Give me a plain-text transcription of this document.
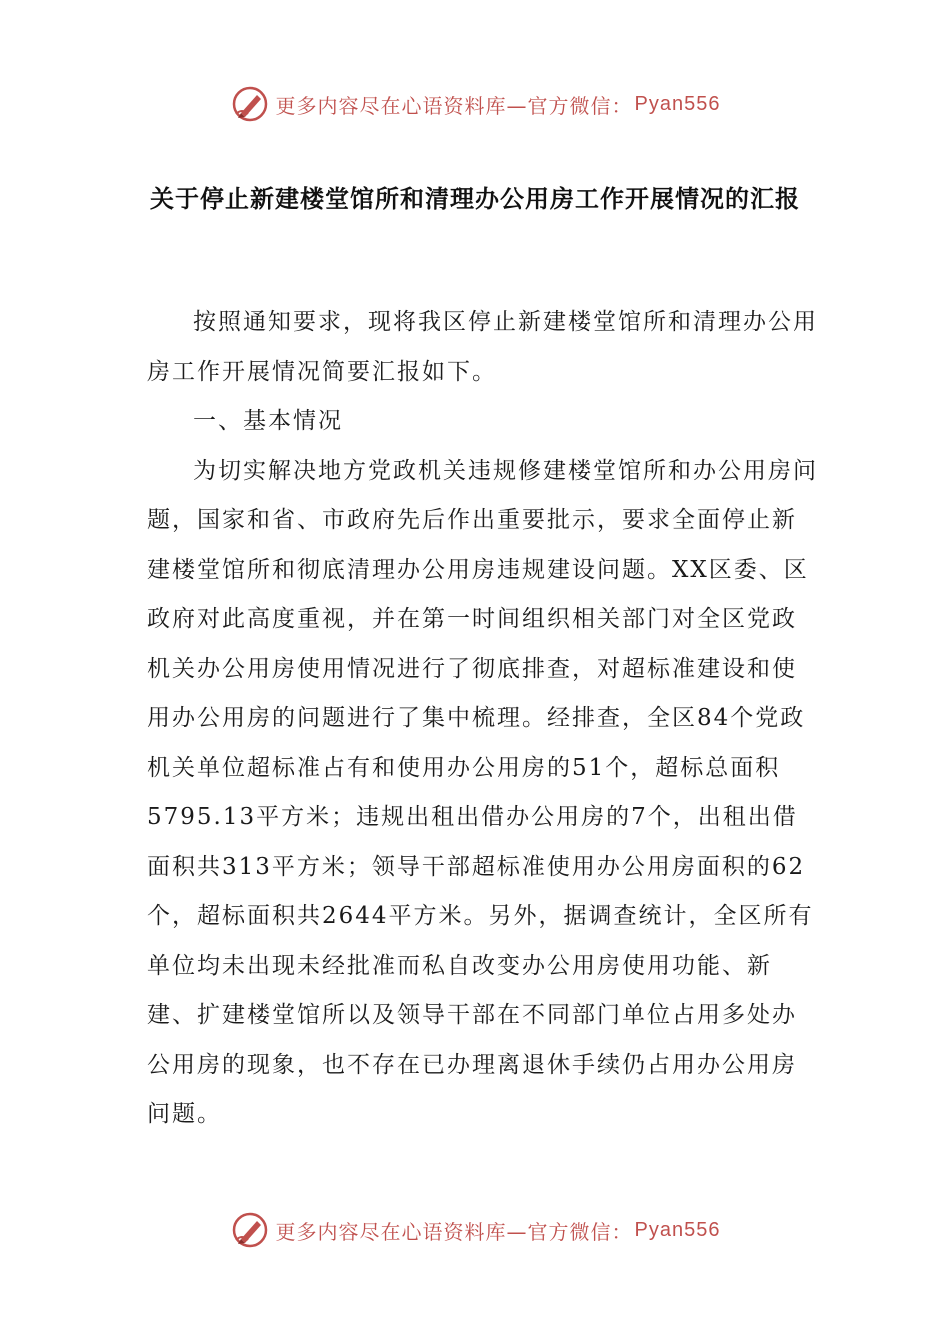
更多内容尽在心语资料库—官方微信： Pyan556
关于停止新建楼堂馆所和清理办公用房工作开展情况的汇报

按照通知要求，现将我区停止新建楼堂馆所和清理办公用房工作开展情况简要汇报如下。

一、基本情况

为切实解决地方党政机关违规修建楼堂馆所和办公用房问题，国家和省、市政府先后作出重要批示，要求全面停止新建楼堂馆所和彻底清理办公用房违规建设问题。XX区委、区政府对此高度重视，并在第一时间组织相关部门对全区党政机关办公用房使用情况进行了彻底排查，对超标准建设和使用办公用房的问题进行了集中梳理。经排查，全区84个党政机关单位超标准占有和使用办公用房的51个，超标总面积5795.13平方米；违规出租出借办公用房的7个，出租出借面积共313平方米；领导干部超标准使用办公用房面积的62个，超标面积共2644平方米。另外，据调查统计，全区所有单位均未出现未经批准而私自改变办公用房使用功能、新建、扩建楼堂馆所以及领导干部在不同部门单位占用多处办公用房的现象，也不存在已办理离退休手续仍占用办公用房问题。

更多内容尽在心语资料库—官方微信： Pyan556
